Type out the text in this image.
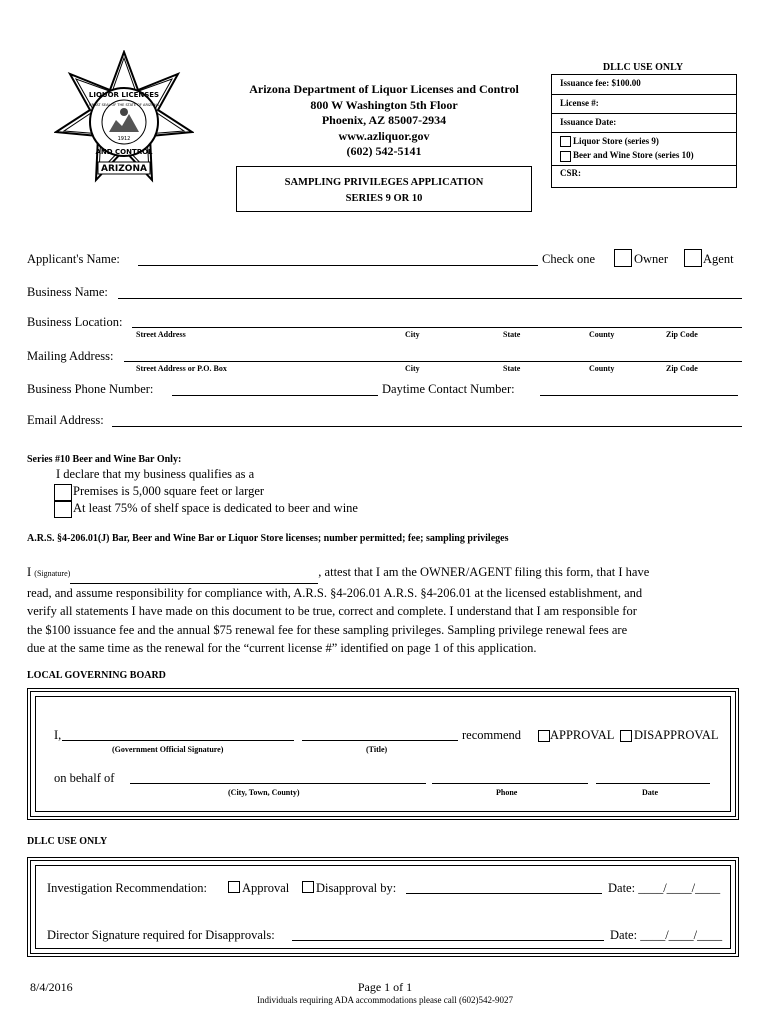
LIQUOR LICENSES
AND CONTROL
1912
GREAT SEAL OF THE STATE OF ARIZONA
ARIZONA
Arizona Department of Liquor Licenses and Control
800 W Washington 5th Floor
Phoenix, AZ 85007-2934
www.azliquor.gov
(602) 542-5141
SAMPLING PRIVILEGES APPLICATION
SERIES 9 OR 10
DLLC USE ONLY
Issuance fee: $100.00
License #:
Issuance Date:
Liquor Store (series 9)
Beer and Wine Store (series 10)
CSR:
Applicant's Name:	Check one	Owner	Agent
Business Name:
Business Location:
Street Address	City	State	County	Zip Code
Mailing Address:
Street Address or P.O. Box	City	State	County	Zip Code
Business Phone Number:	Daytime Contact Number:
Email Address:
Series #10 Beer and Wine Bar Only:
I declare that my business qualifies as a
Premises is 5,000 square feet or larger
At least 75% of shelf space is dedicated to beer and wine
A.R.S. §4-206.01(J) Bar, Beer and Wine Bar or Liquor Store licenses; number permitted; fee; sampling privileges
I (Signature)	, attest that I am the OWNER/AGENT filing this form, that I have
read, and assume responsibility for compliance with, A.R.S. §4-206.01 A.R.S. §4-206.01 at the licensed establishment, and
verify all statements I have made on this document to be true, correct and complete. I understand that I am responsible for
the $100 issuance fee and the annual $75 renewal fee for these sampling privileges. Sampling privilege renewal fees are
due at the same time as the renewal for the “current license #” identified on page 1 of this application.
LOCAL GOVERNING BOARD
I,	recommend APPROVAL DISAPPROVAL
(Government Official Signature)	(Title)
on behalf of
(City, Town, County)	Phone	Date
DLLC USE ONLY
Investigation Recommendation:	Approval Disapproval by:	Date: ____/____/____
Director Signature required for Disapprovals:	Date: ____/____/____
8/4/2016	Page 1 of 1
Individuals requiring ADA accommodations please call (602)542-9027
